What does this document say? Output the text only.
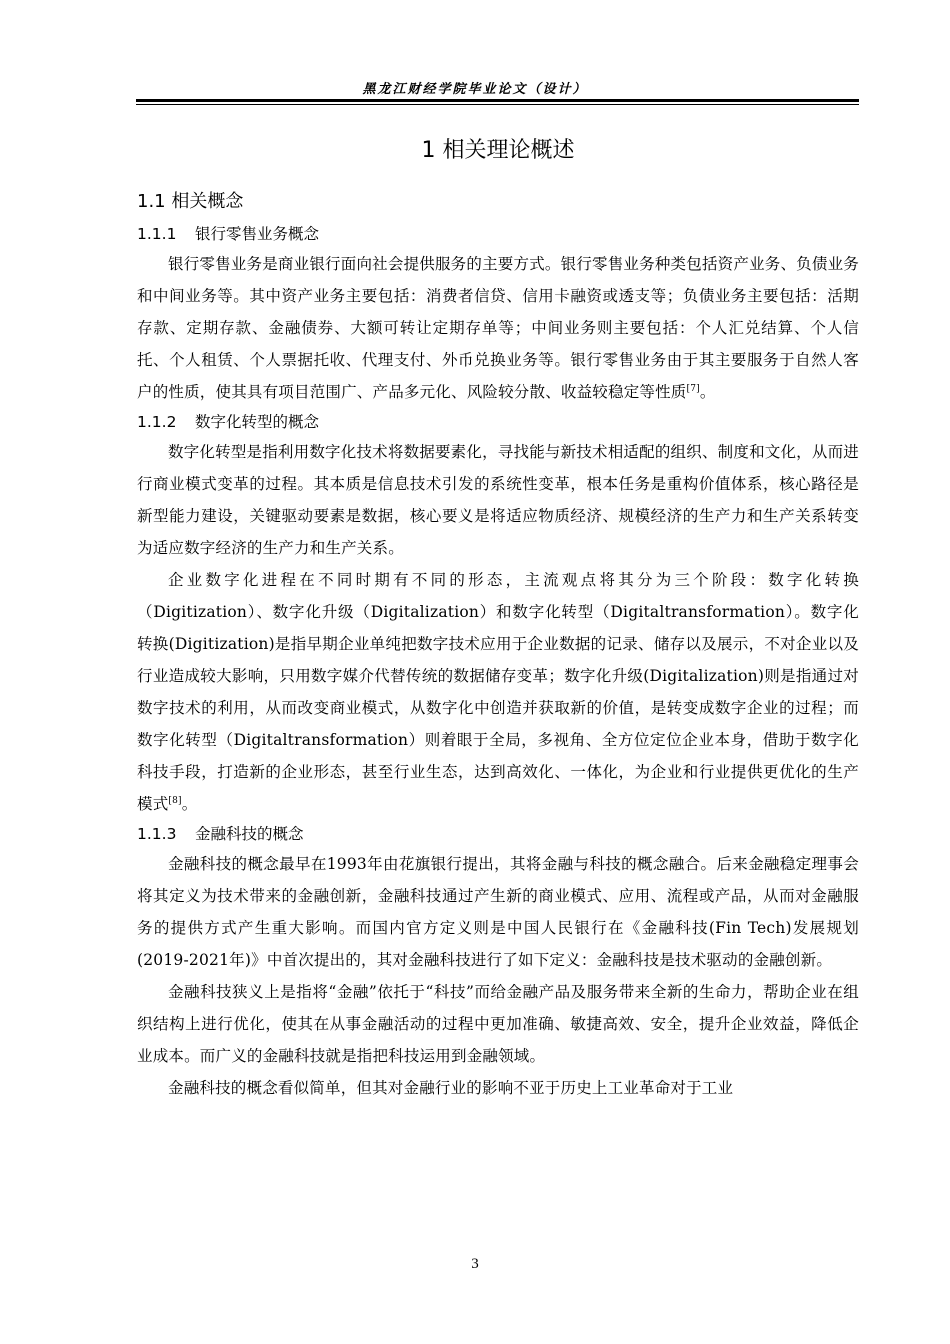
黑龙江财经学院毕业论文（设计）
1 相关理论概述
1.1 相关概念
1.1.1 银行零售业务概念

银行零售业务是商业银行面向社会提供服务的主要方式。银行零售业务种类包括资产业务、负债业务和中间业务等。其中资产业务主要包括：消费者信贷、信用卡融资或透支等；负债业务主要包括：活期存款、定期存款、金融债券、大额可转让定期存单等；中间业务则主要包括：个人汇兑结算、个人信托、个人租赁、个人票据托收、代理支付、外币兑换业务等。银行零售业务由于其主要服务于自然人客户的性质，使其具有项目范围广、产品多元化、风险较分散、收益较稳定等性质[7]。

1.1.2 数字化转型的概念

数字化转型是指利用数字化技术将数据要素化，寻找能与新技术相适配的组织、制度和文化，从而进行商业模式变革的过程。其本质是信息技术引发的系统性变革，根本任务是重构价值体系，核心路径是新型能力建设，关键驱动要素是数据，核心要义是将适应物质经济、规模经济的生产力和生产关系转变为适应数字经济的生产力和生产关系。

企业数字化进程在不同时期有不同的形态，主流观点将其分为三个阶段：数字化转换（Digitization）、数字化升级（Digitalization）和数字化转型（Digitaltransformation）。数字化转换(Digitization)是指早期企业单纯把数字技术应用于企业数据的记录、储存以及展示，不对企业以及行业造成较大影响，只用数字媒介代替传统的数据储存变革；数字化升级(Digitalization)则是指通过对数字技术的利用，从而改变商业模式，从数字化中创造并获取新的价值，是转变成数字企业的过程；而数字化转型（Digitaltransformation）则着眼于全局，多视角、全方位定位企业本身，借助于数字化科技手段，打造新的企业形态，甚至行业生态，达到高效化、一体化，为企业和行业提供更优化的生产模式[8]。

1.1.3 金融科技的概念

金融科技的概念最早在1993年由花旗银行提出，其将金融与科技的概念融合。后来金融稳定理事会将其定义为技术带来的金融创新，金融科技通过产生新的商业模式、应用、流程或产品，从而对金融服务的提供方式产生重大影响。而国内官方定义则是中国人民银行在《金融科技(Fin Tech)发展规划(2019-2021年)》中首次提出的，其对金融科技进行了如下定义：金融科技是技术驱动的金融创新。

金融科技狭义上是指将“金融”依托于“科技”而给金融产品及服务带来全新的生命力，帮助企业在组织结构上进行优化，使其在从事金融活动的过程中更加准确、敏捷高效、安全，提升企业效益，降低企业成本。而广义的金融科技就是指把科技运用到金融领域。

金融科技的概念看似简单，但其对金融行业的影响不亚于历史上工业革命对于工业

3
